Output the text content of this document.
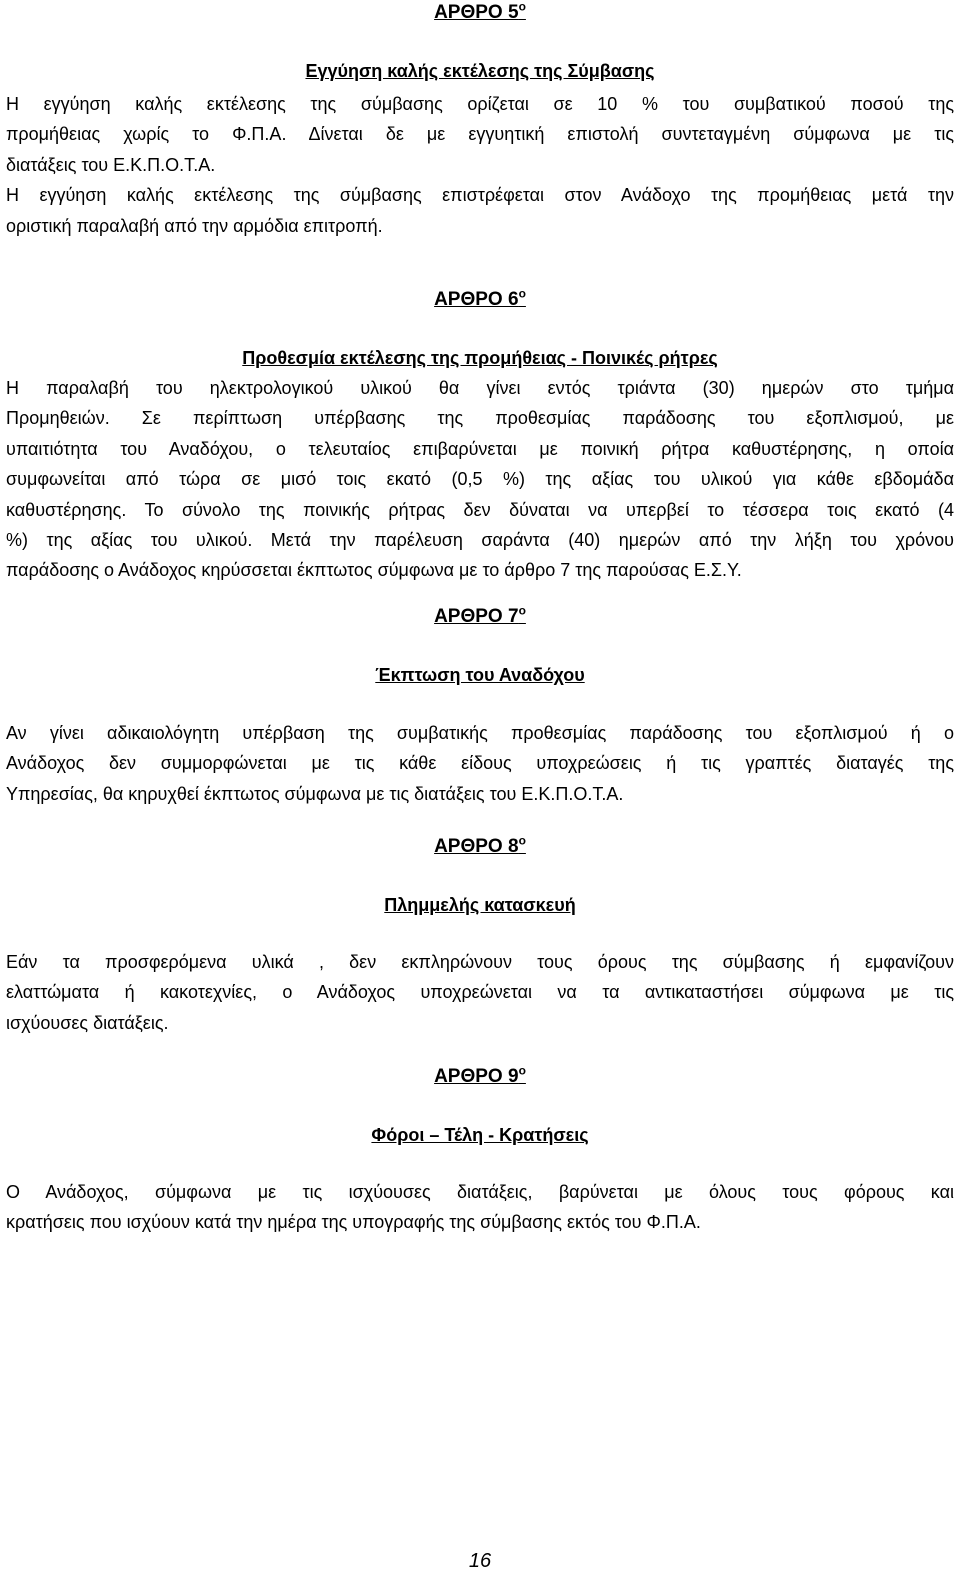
ΑΡΘΡΟ $5^o$
Εγγύηση καλής εκτέλεσης της Σύμβασης
Η εγγύηση καλής εκτέλεσης της σύμβασης ορίζεται σε 10 % του συμβατικού ποσού της
προμήθειας χωρίς το Φ.Π.Α. Δίνεται δε με εγγυητική επιστολή συντεταγμένη σύμφωνα με τις
διατάξεις του Ε.Κ.Π.Ο.Τ.Α.
Η εγγύηση καλής εκτέλεσης της σύμβασης επιστρέφεται στον Ανάδοχο της προμήθειας μετά την
οριστική παραλαβή από την αρμόδια επιτροπή.
ΑΡΘΡΟ $6^o$
Προθεσμία εκτέλεσης της προμήθειας - Ποινικές ρήτρες
Η παραλαβή του ηλεκτρολογικού υλικού θα γίνει εντός τριάντα (30) ημερών στο τμήμα
Προμηθειών. Σε περίπτωση υπέρβασης της προθεσμίας παράδοσης του εξοπλισμού, με
υπαιτιότητα του Αναδόχου, ο τελευταίος επιβαρύνεται με ποινική ρήτρα καθυστέρησης, η οποία
συμφωνείται από τώρα σε μισό τοις εκατό (0,5 %) της αξίας του υλικού για κάθε εβδομάδα
καθυστέρησης. Το σύνολο της ποινικής ρήτρας δεν δύναται να υπερβεί το τέσσερα τοις εκατό (4
%) της αξίας του υλικού. Μετά την παρέλευση σαράντα (40) ημερών από την λήξη του χρόνου
παράδοσης ο Ανάδοχος κηρύσσεται έκπτωτος σύμφωνα με το άρθρο 7 της παρούσας Ε.Σ.Υ.
ΑΡΘΡΟ $7^o$
Έκπτωση του Αναδόχου
Αν γίνει αδικαιολόγητη υπέρβαση της συμβατικής προθεσμίας παράδοσης του εξοπλισμού ή ο
Ανάδοχος δεν συμμορφώνεται με τις κάθε είδους υποχρεώσεις ή τις γραπτές διαταγές της
Υπηρεσίας, θα κηρυχθεί έκπτωτος σύμφωνα με τις διατάξεις του Ε.Κ.Π.Ο.Τ.Α.
ΑΡΘΡΟ $8^o$
Πλημμελής κατασκευή
Εάν τα προσφερόμενα υλικά , δεν εκπληρώνουν τους όρους της σύμβασης ή εμφανίζουν
ελαττώματα ή κακοτεχνίες, ο Ανάδοχος υποχρεώνεται να τα αντικαταστήσει σύμφωνα με τις
ισχύουσες διατάξεις.
ΑΡΘΡΟ $9^o$
Φόροι – Τέλη - Κρατήσεις
Ο Ανάδοχος, σύμφωνα με τις ισχύουσες διατάξεις, βαρύνεται με όλους τους φόρους και
κρατήσεις που ισχύουν κατά την ημέρα της υπογραφής της σύμβασης εκτός του Φ.Π.Α.
16
